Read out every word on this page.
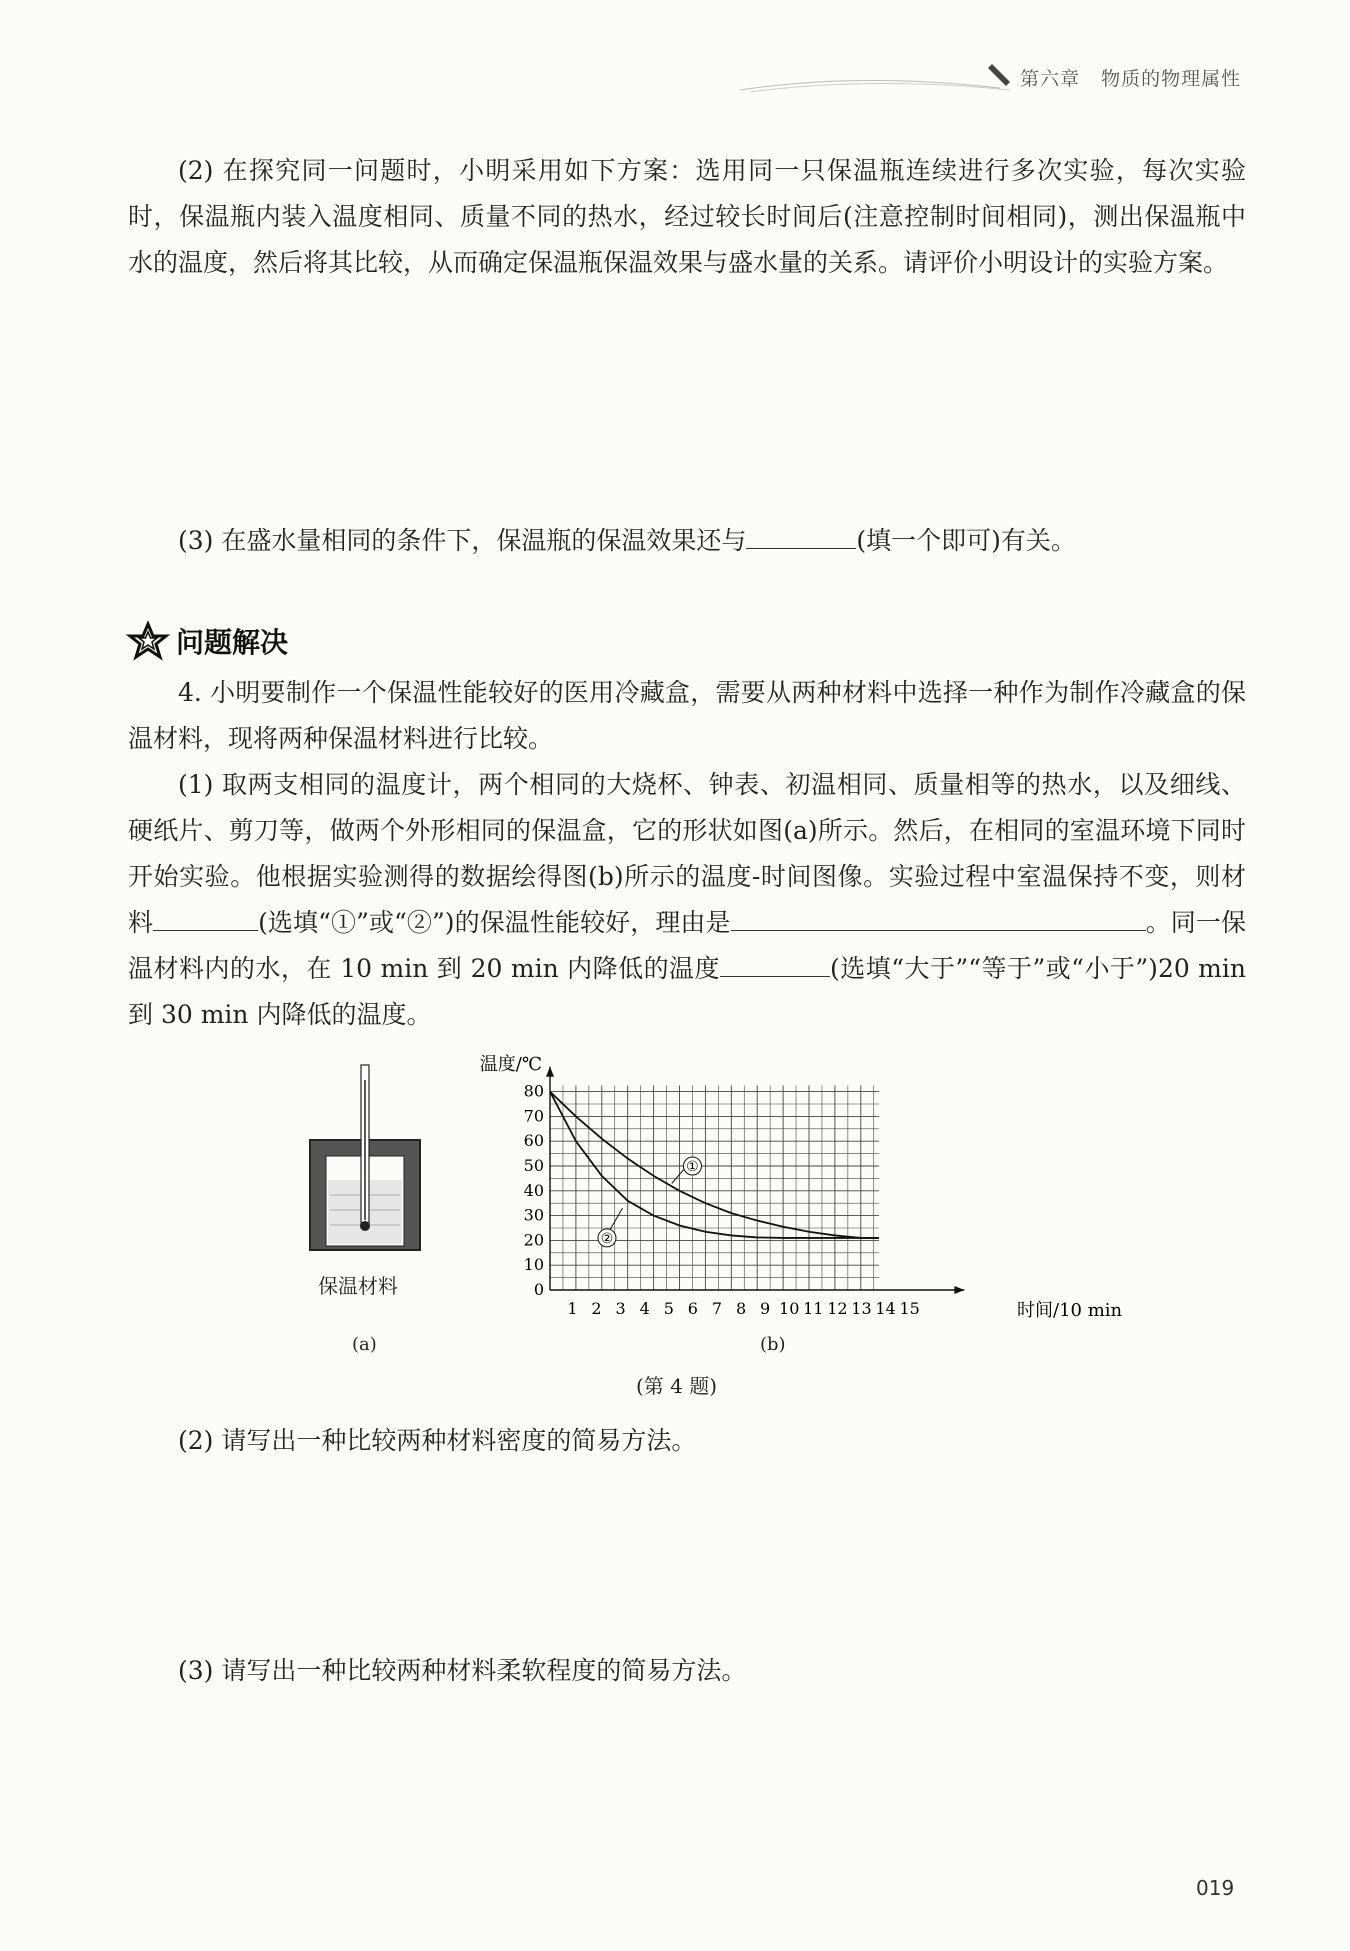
第六章 物质的物理属性
(2) 在探究同一问题时，小明采用如下方案：选用同一只保温瓶连续进行多次实验，每次实验时，保温瓶内装入温度相同、质量不同的热水，经过较长时间后(注意控制时间相同)，测出保温瓶中水的温度，然后将其比较，从而确定保温瓶保温效果与盛水量的关系。请评价小明设计的实验方案。
(3) 在盛水量相同的条件下，保温瓶的保温效果还与	(填一个即可)有关。
问题解决
4. 小明要制作一个保温性能较好的医用冷藏盒，需要从两种材料中选择一种作为制作冷藏盒的保温材料，现将两种保温材料进行比较。
(1) 取两支相同的温度计，两个相同的大烧杯、钟表、初温相同、质量相等的热水，以及细线、硬纸片、剪刀等，做两个外形相同的保温盒，它的形状如图(a)所示。然后，在相同的室温环境下同时开始实验。他根据实验测得的数据绘得图(b)所示的温度-时间图像。实验过程中室温保持不变，则材料	(选填“①”或“②”)的保温性能较好，理由是	。同一保温材料内的水，在 10 min 到 20 min 内降低的温度	(选填“大于”“等于”或“小于”)20 min 到 30 min 内降低的温度。
保温材料
(a)	(b)
1 2 3 4 5 6 7 8 9 10 11 12 13 14 15
0
10
20
30
40
50
60
70
80
温度/℃
时间/10 min
①
②
(第 4 题)
(2) 请写出一种比较两种材料密度的简易方法。
(3) 请写出一种比较两种材料柔软程度的简易方法。
019
